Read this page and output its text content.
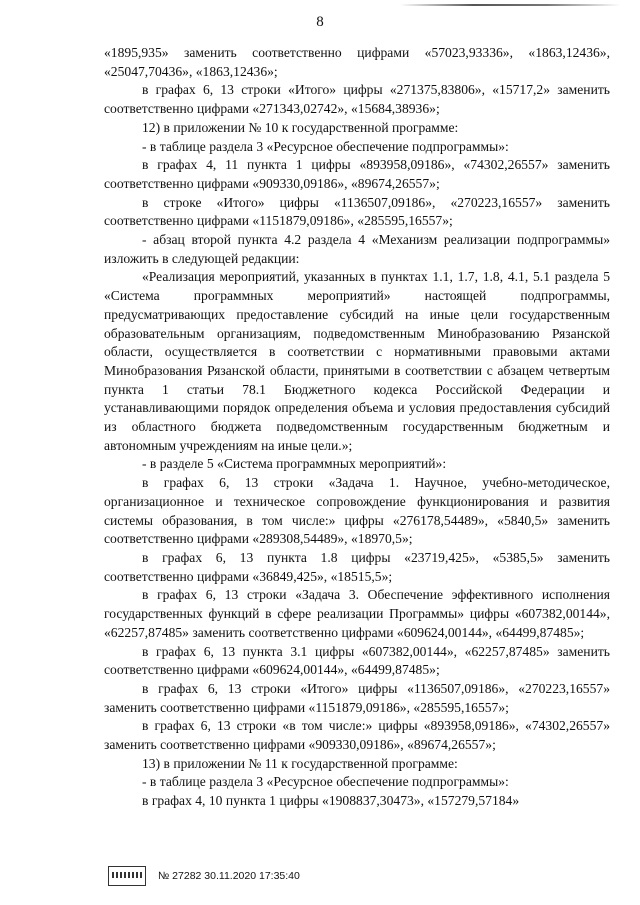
8

«1895,935» заменить соответственно цифрами «57023,93336», «1863,12436», «25047,70436», «1863,12436»;

в графах 6, 13 строки «Итого» цифры «271375,83806», «15717,2» заменить соответственно цифрами «271343,02742», «15684,38936»;

12) в приложении № 10 к государственной программе:

- в таблице раздела 3 «Ресурсное обеспечение подпрограммы»:

в графах 4, 11 пункта 1 цифры «893958,09186», «74302,26557» заменить соответственно цифрами «909330,09186», «89674,26557»;

в строке «Итого» цифры «1136507,09186», «270223,16557» заменить соответственно цифрами «1151879,09186», «285595,16557»;

- абзац второй пункта 4.2 раздела 4 «Механизм реализации подпрограммы» изложить в следующей редакции:

«Реализация мероприятий, указанных в пунктах 1.1, 1.7, 1.8, 4.1, 5.1 раздела 5 «Система программных мероприятий» настоящей подпрограммы, предусматривающих предоставление субсидий на иные цели государственным образовательным организациям, подведомственным Минобразованию Рязанской области, осуществляется в соответствии с нормативными правовыми актами Минобразования Рязанской области, принятыми в соответствии с абзацем четвертым пункта 1 статьи 78.1 Бюджетного кодекса Российской Федерации и устанавливающими порядок определения объема и условия предоставления субсидий из областного бюджета подведомственным государственным бюджетным и автономным учреждениям на иные цели.»;

- в разделе 5 «Система программных мероприятий»:

в графах 6, 13 строки «Задача 1. Научное, учебно-методическое, организационное и техническое сопровождение функционирования и развития системы образования, в том числе:» цифры «276178,54489», «5840,5» заменить соответственно цифрами «289308,54489», «18970,5»;

в графах 6, 13 пункта 1.8 цифры «23719,425», «5385,5» заменить соответственно цифрами «36849,425», «18515,5»;

в графах 6, 13 строки «Задача 3. Обеспечение эффективного исполнения государственных функций в сфере реализации Программы» цифры «607382,00144», «62257,87485» заменить соответственно цифрами «609624,00144», «64499,87485»;

в графах 6, 13 пункта 3.1 цифры «607382,00144», «62257,87485» заменить соответственно цифрами «609624,00144», «64499,87485»;

в графах 6, 13 строки «Итого» цифры «1136507,09186», «270223,16557» заменить соответственно цифрами «1151879,09186», «285595,16557»;

в графах 6, 13 строки «в том числе:» цифры «893958,09186», «74302,26557» заменить соответственно цифрами «909330,09186», «89674,26557»;

13) в приложении № 11 к государственной программе:

- в таблице раздела 3 «Ресурсное обеспечение подпрограммы»:

в графах 4, 10 пункта 1 цифры «1908837,30473», «157279,57184»

№ 27282 30.11.2020 17:35:40
